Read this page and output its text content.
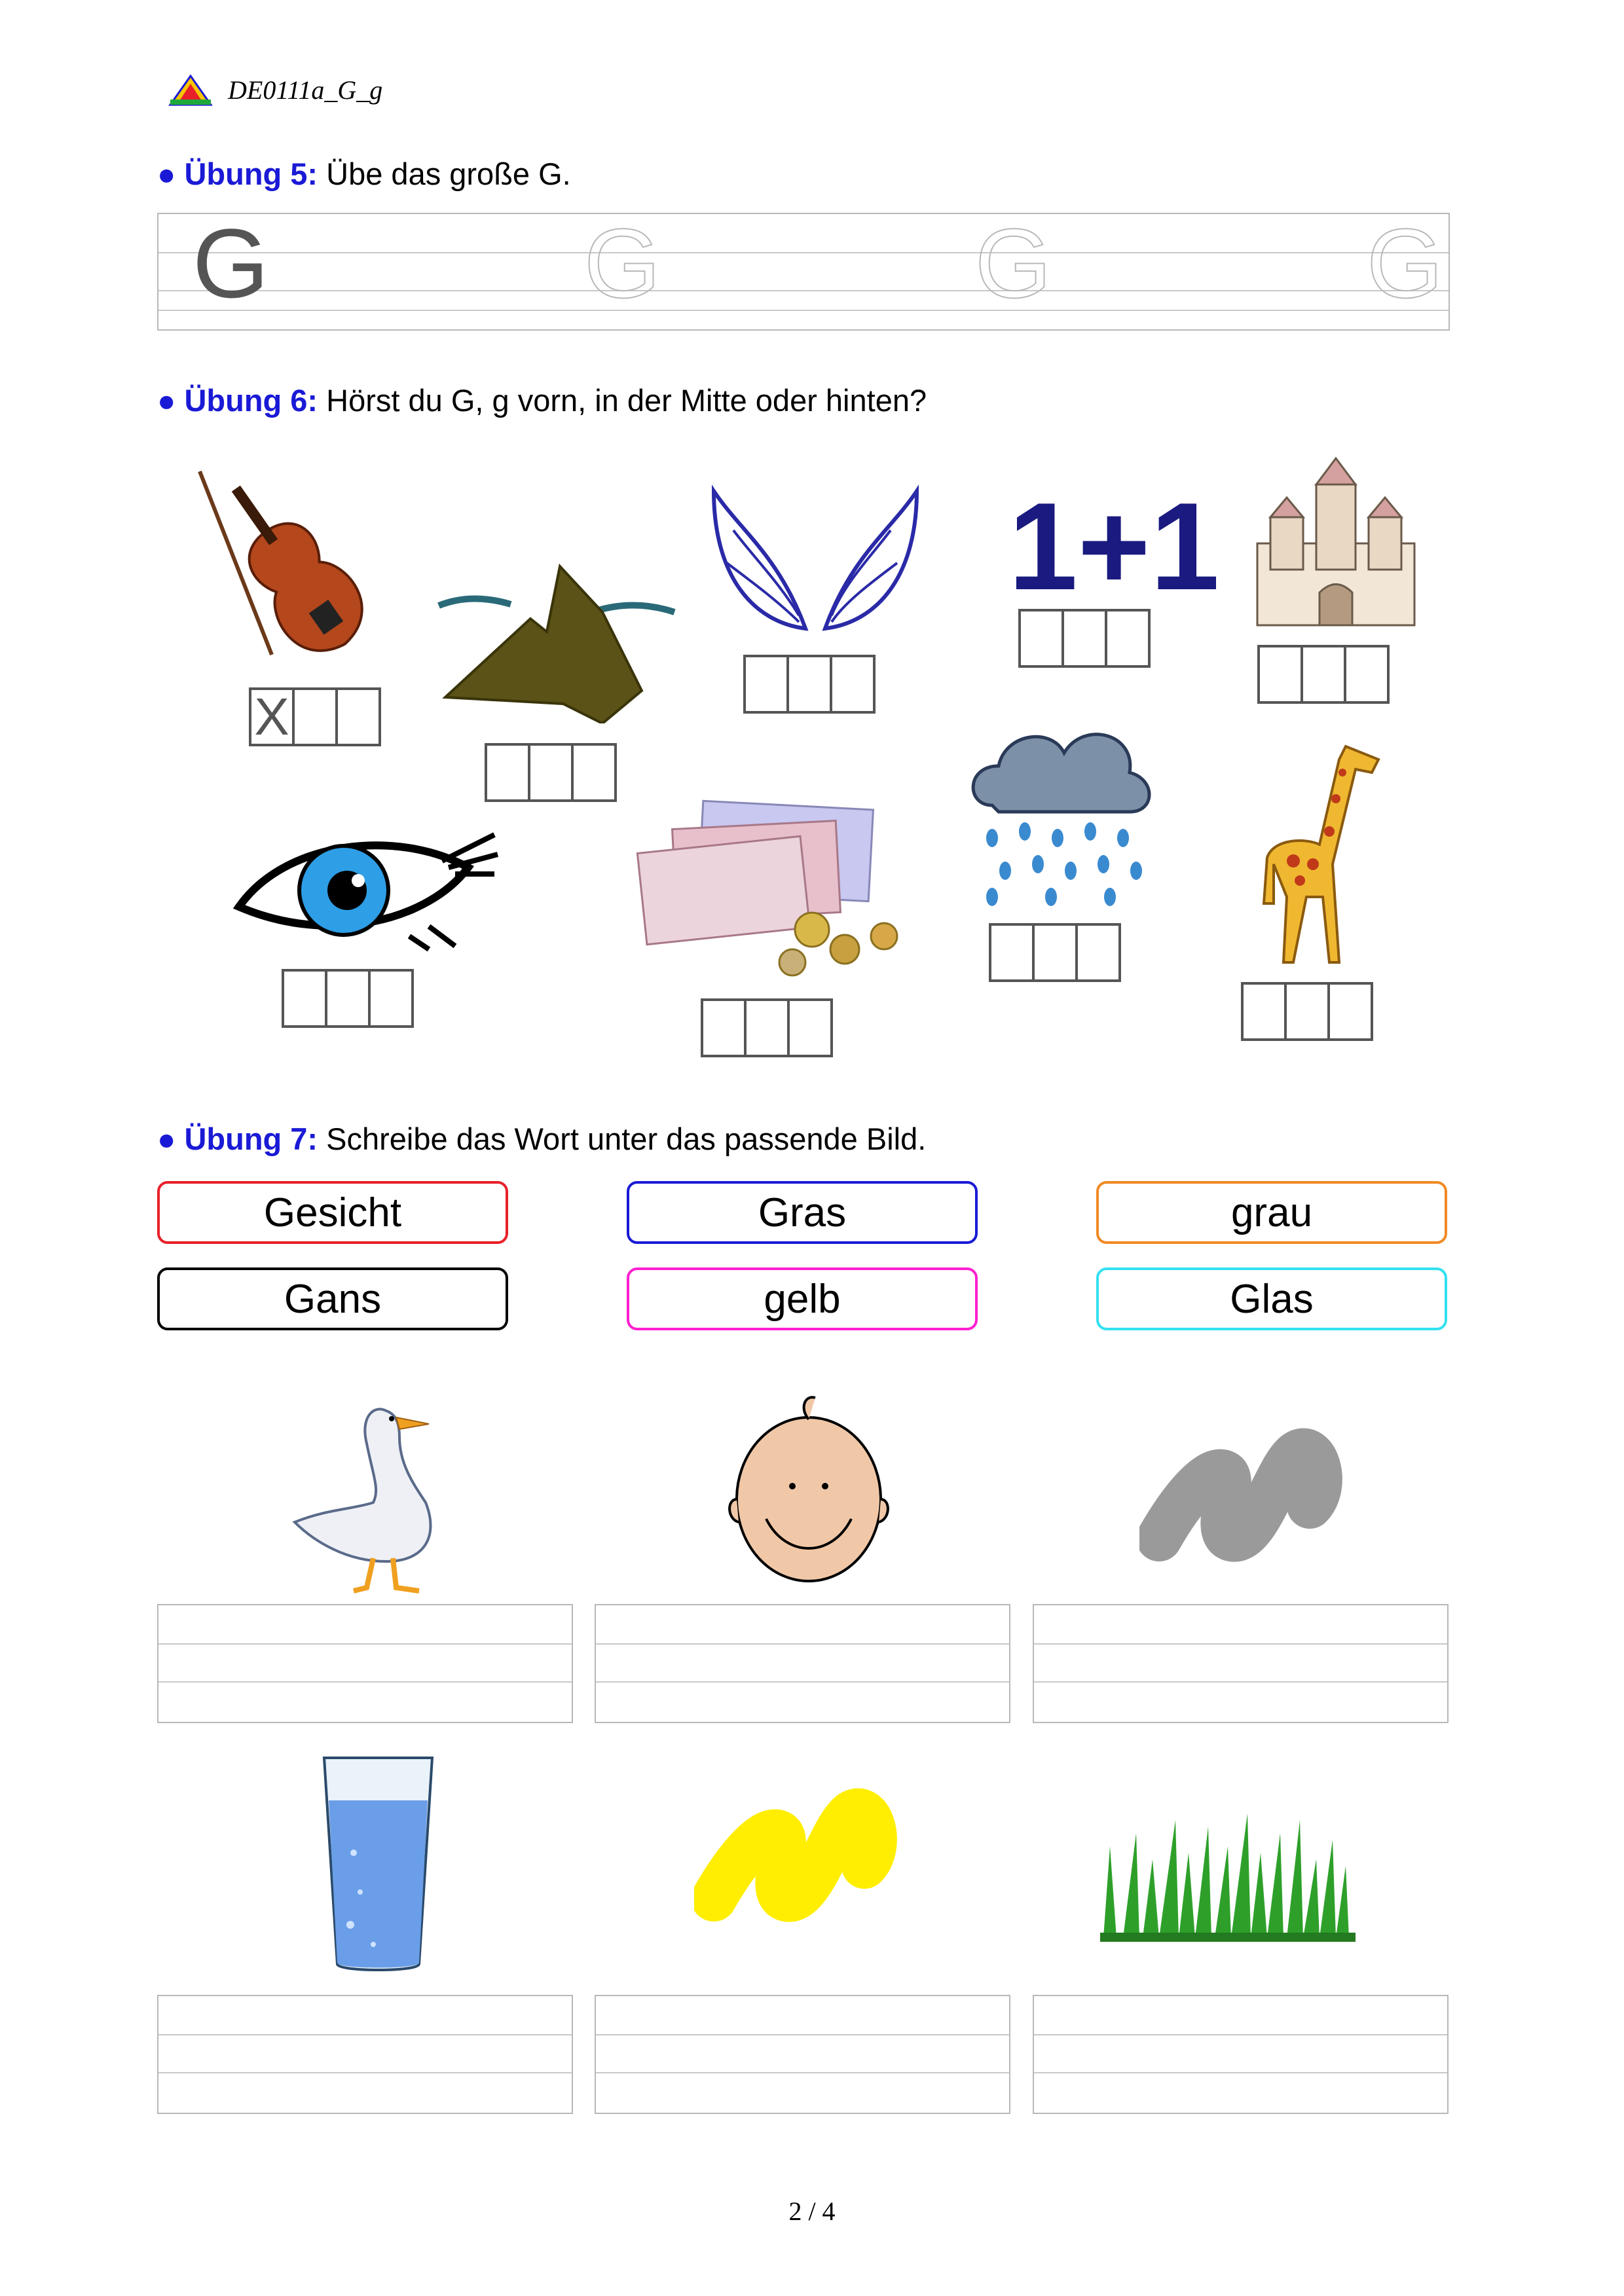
DE0111a_G_g
● Übung 5: Übe das große G.
G	G	G	G
● Übung 6: Hörst du G, g vorn, in der Mitte oder hinten?
X
1+1
● Übung 7: Schreibe das Wort unter das passende Bild.
Gesicht	Gras	grau
Gans	gelb	Glas
2 / 4
